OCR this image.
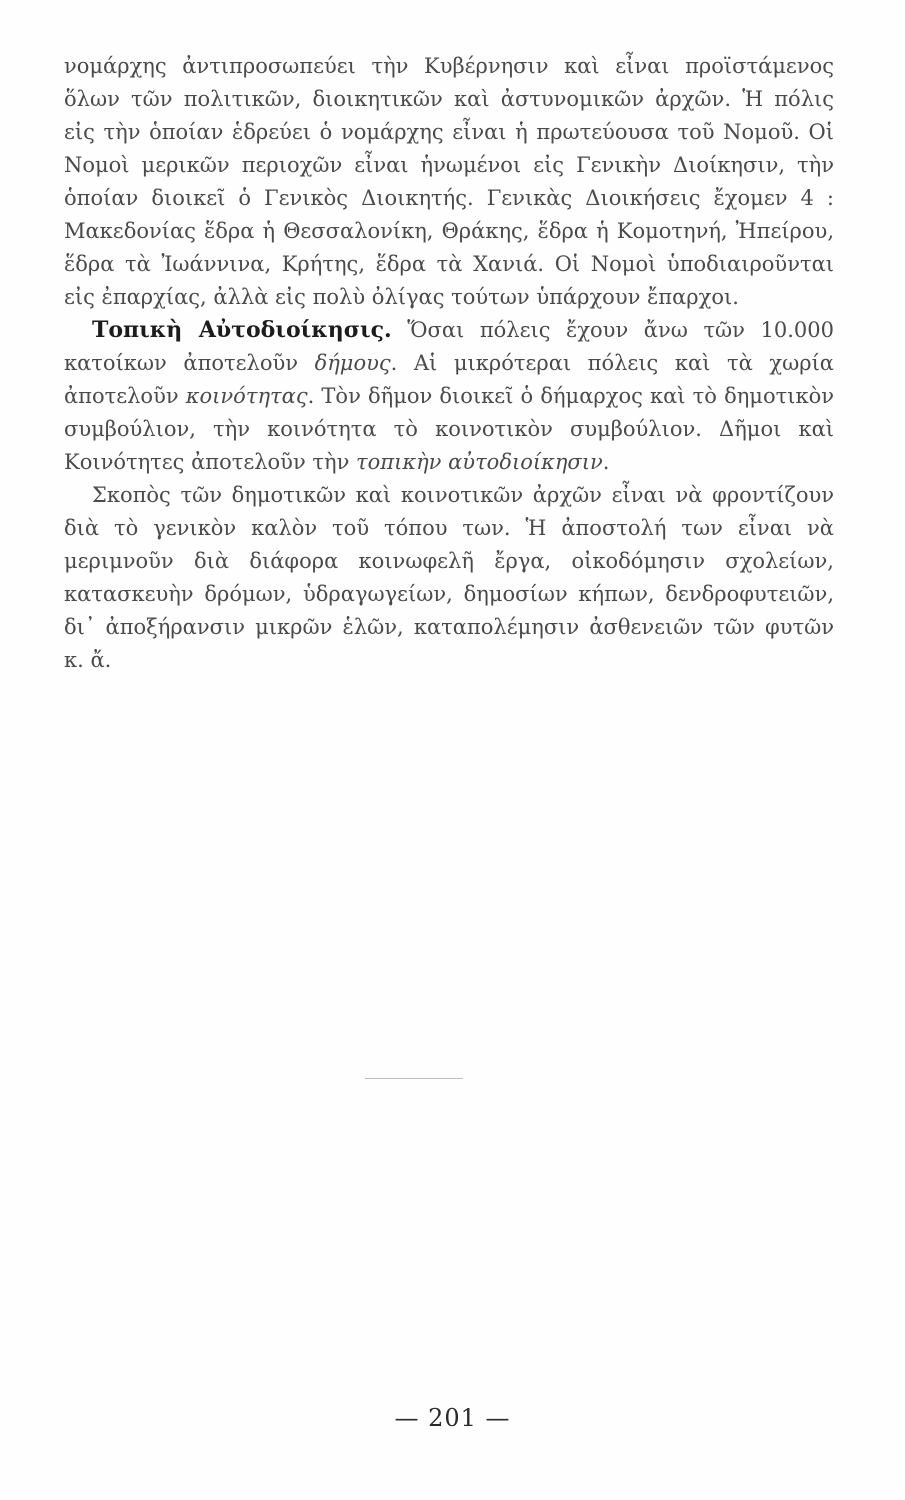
νομάρχης ἀντιπροσωπεύει τὴν Κυβέρνησιν καὶ εἶναι προϊστάμενος ὅλων τῶν πολιτικῶν, διοικητικῶν καὶ ἀστυνομικῶν ἀρχῶν. Ἡ πόλις εἰς τὴν ὁποίαν ἑδρεύει ὁ νομάρχης εἶναι ἡ πρωτεύουσα τοῦ Νομοῦ. Οἱ Νομοὶ μερικῶν περιοχῶν εἶναι ἡνωμένοι εἰς Γενικὴν Διοίκησιν, τὴν ὁποίαν διοικεῖ ὁ Γενικὸς Διοικητής. Γενικὰς Διοικήσεις ἔχομεν 4 : Μακεδονίας ἕδρα ἡ Θεσσαλονίκη, Θράκης, ἕδρα ἡ Κομοτηνή, Ἠπείρου, ἕδρα τὰ Ἰωάννινα, Κρήτης, ἕδρα τὰ Χανιά. Οἱ Νομοὶ ὑποδιαιροῦνται εἰς ἐπαρχίας, ἀλλὰ εἰς πολὺ ὀλίγας τούτων ὑπάρχουν ἔπαρχοι.

Τοπικὴ Αὐτοδιοίκησις. Ὅσαι πόλεις ἔχουν ἄνω τῶν 10.000 κατοίκων ἀποτελοῦν δήμους. Αἱ μικρότεραι πόλεις καὶ τὰ χωρία ἀποτελοῦν κοινότητας. Τὸν δῆμον διοικεῖ ὁ δήμαρχος καὶ τὸ δημοτικὸν συμβούλιον, τὴν κοινότητα τὸ κοινοτικὸν συμβούλιον. Δῆμοι καὶ Κοινότητες ἀποτελοῦν τὴν τοπικὴν αὐτοδιοίκησιν.

Σκοπὸς τῶν δημοτικῶν καὶ κοινοτικῶν ἀρχῶν εἶναι νὰ φροντίζουν διὰ τὸ γενικὸν καλὸν τοῦ τόπου των. Ἡ ἀποστολή των εἶναι νὰ μεριμνοῦν διὰ διάφορα κοινωφελῆ ἔργα, οἰκοδόμησιν σχολείων, κατασκευὴν δρόμων, ὑδραγωγείων, δημοσίων κήπων, δενδροφυτειῶν, δι᾽ ἀποξήρανσιν μικρῶν ἑλῶν, καταπολέμησιν ἀσθενειῶν τῶν φυτῶν κ. ἄ.

— 201 —
